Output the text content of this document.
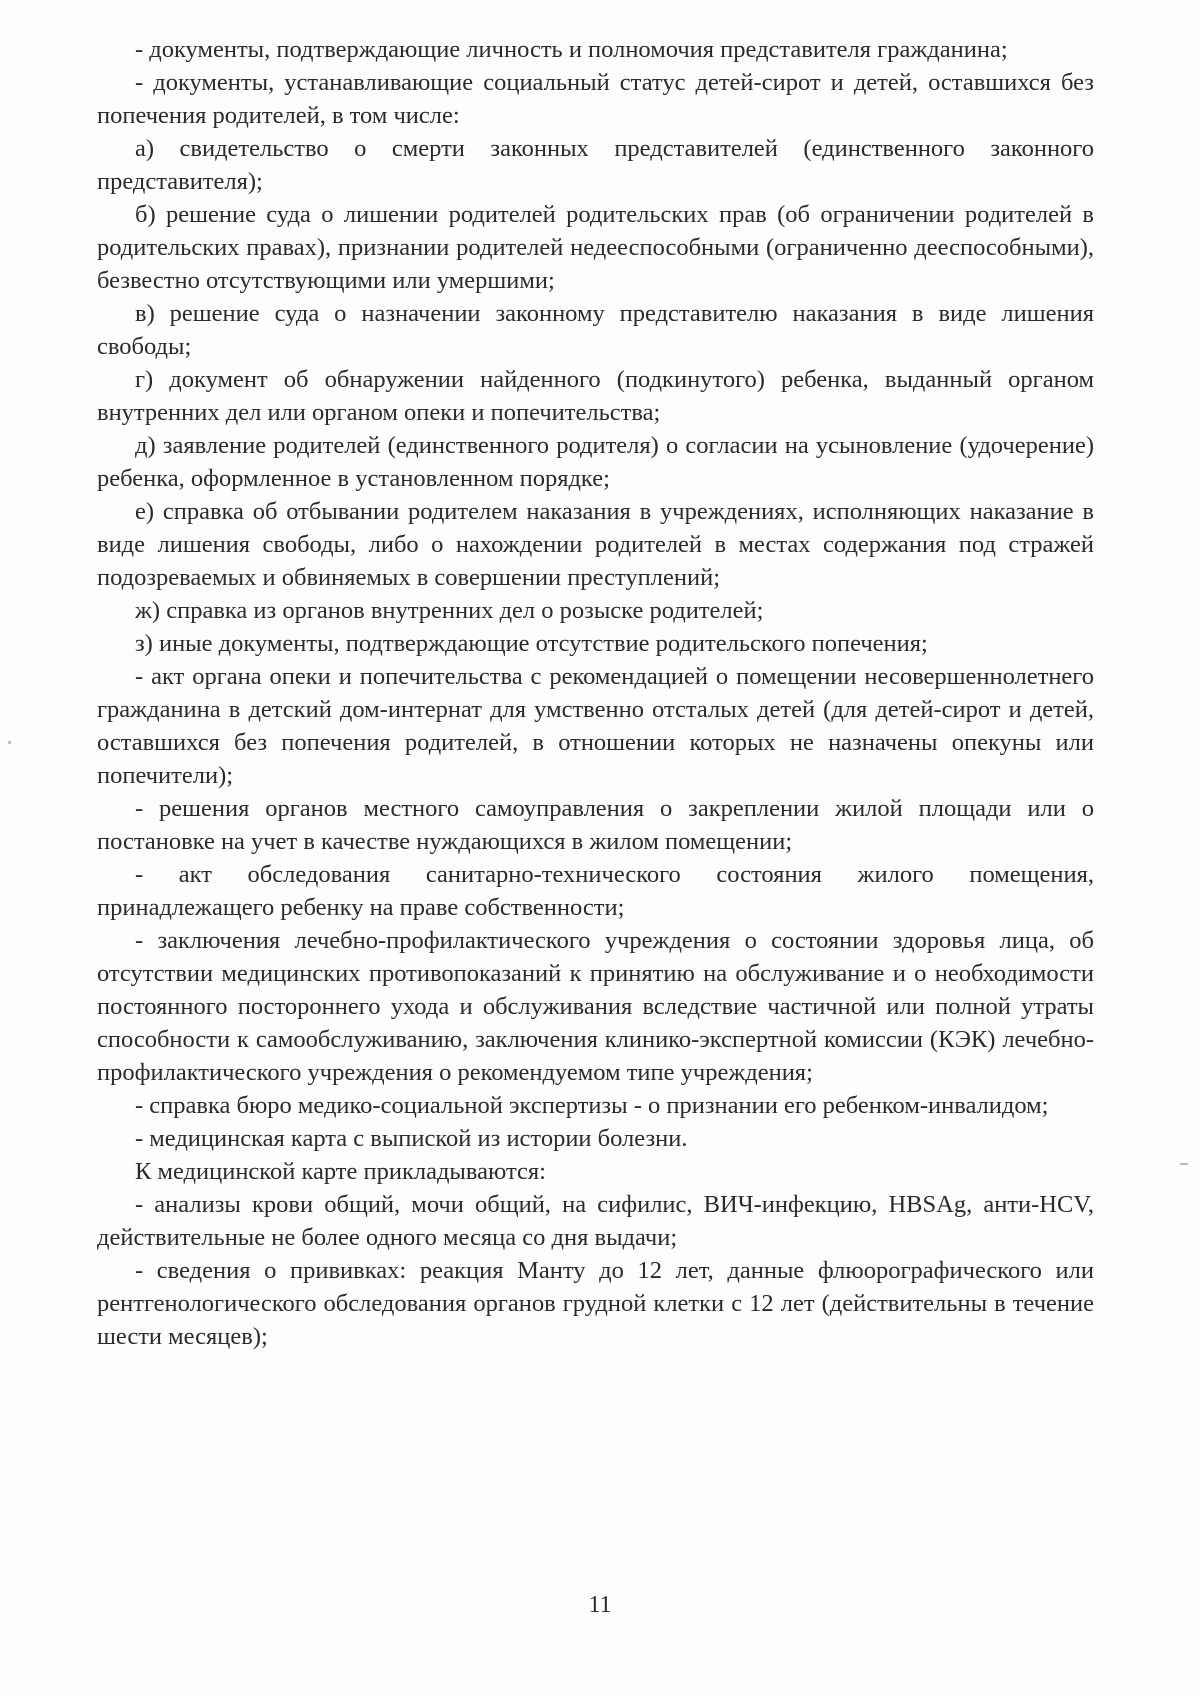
- документы, подтверждающие личность и полномочия представителя гражданина;

- документы, устанавливающие социальный статус детей-сирот и детей, оставшихся без попечения родителей, в том числе:

а) свидетельство о смерти законных представителей (единственного законного представителя);

б) решение суда о лишении родителей родительских прав (об ограничении родителей в родительских правах), признании родителей недееспособными (ограниченно дееспособными), безвестно отсутствующими или умершими;

в) решение суда о назначении законному представителю наказания в виде лишения свободы;

г) документ об обнаружении найденного (подкинутого) ребенка, выданный органом внутренних дел или органом опеки и попечительства;

д) заявление родителей (единственного родителя) о согласии на усыновление (удочерение) ребенка, оформленное в установленном порядке;

е) справка об отбывании родителем наказания в учреждениях, исполняющих наказание в виде лишения свободы, либо о нахождении родителей в местах содержания под стражей подозреваемых и обвиняемых в совершении преступлений;

ж) справка из органов внутренних дел о розыске родителей;

з) иные документы, подтверждающие отсутствие родительского попечения;

- акт органа опеки и попечительства с рекомендацией о помещении несовершеннолетнего гражданина в детский дом-интернат для умственно отсталых детей (для детей-сирот и детей, оставшихся без попечения родителей, в отношении которых не назначены опекуны или попечители);

- решения органов местного самоуправления о закреплении жилой площади или о постановке на учет в качестве нуждающихся в жилом помещении;

- акт обследования санитарно-технического состояния жилого помещения, принадлежащего ребенку на праве собственности;

- заключения лечебно-профилактического учреждения о состоянии здоровья лица, об отсутствии медицинских противопоказаний к принятию на обслуживание и о необходимости постоянного постороннего ухода и обслуживания вследствие частичной или полной утраты способности к самообслуживанию, заключения клинико-экспертной комиссии (КЭК) лечебно-профилактического учреждения о рекомендуемом типе учреждения;

- справка бюро медико-социальной экспертизы - о признании его ребенком-инвалидом;

- медицинская карта с выпиской из истории болезни.

К медицинской карте прикладываются:

- анализы крови общий, мочи общий, на сифилис, ВИЧ-инфекцию, HBSAg, анти-HCV, действительные не более одного месяца со дня выдачи;

- сведения о прививках: реакция Манту до 12 лет, данные флюорографического или рентгенологического обследования органов грудной клетки с 12 лет (действительны в течение шести месяцев);

11
